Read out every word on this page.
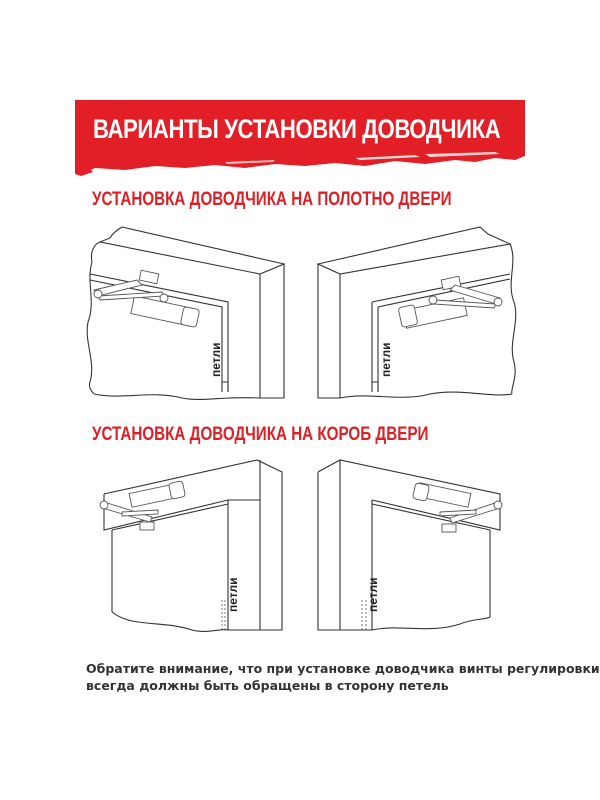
ВАРИАНТЫ УСТАНОВКИ ДОВОДЧИКА
УСТАНОВКА ДОВОДЧИКА НА ПОЛОТНО ДВЕРИ
петли	петли
УСТАНОВКА ДОВОДЧИКА НА КОРОБ ДВЕРИ
петли	петли
Обратите внимание, что при установке доводчика винты регулировки
всегда должны быть обращены в сторону петель
